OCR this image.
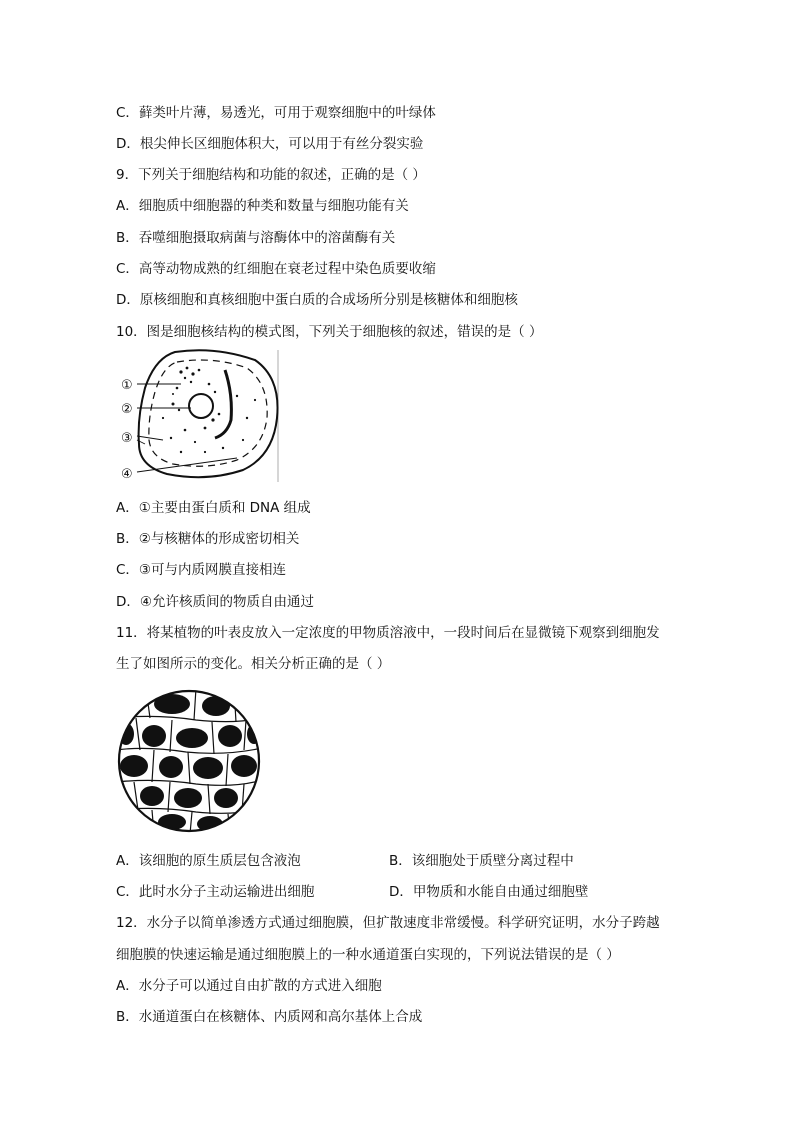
C．藓类叶片薄，易透光，可用于观察细胞中的叶绿体
D．根尖伸长区细胞体积大，可以用于有丝分裂实验
9．下列关于细胞结构和功能的叙述，正确的是（ ）
A．细胞质中细胞器的种类和数量与细胞功能有关
B．吞噬细胞摄取病菌与溶酶体中的溶菌酶有关
C．高等动物成熟的红细胞在衰老过程中染色质要收缩
D．原核细胞和真核细胞中蛋白质的合成场所分别是核糖体和细胞核
10．图是细胞核结构的模式图，下列关于细胞核的叙述，错误的是（ ）
①
②
③
④
A．①主要由蛋白质和 DNA 组成
B．②与核糖体的形成密切相关
C．③可与内质网膜直接相连
D．④允许核质间的物质自由通过
11．将某植物的叶表皮放入一定浓度的甲物质溶液中，一段时间后在显微镜下观察到细胞发
生了如图所示的变化。相关分析正确的是（ ）
A．该细胞的原生质层包含液泡	B．该细胞处于质壁分离过程中
C．此时水分子主动运输进出细胞	D．甲物质和水能自由通过细胞壁
12．水分子以简单渗透方式通过细胞膜，但扩散速度非常缓慢。科学研究证明，水分子跨越
细胞膜的快速运输是通过细胞膜上的一种水通道蛋白实现的，下列说法错误的是（ ）
A．水分子可以通过自由扩散的方式进入细胞
B．水通道蛋白在核糖体、内质网和高尔基体上合成
